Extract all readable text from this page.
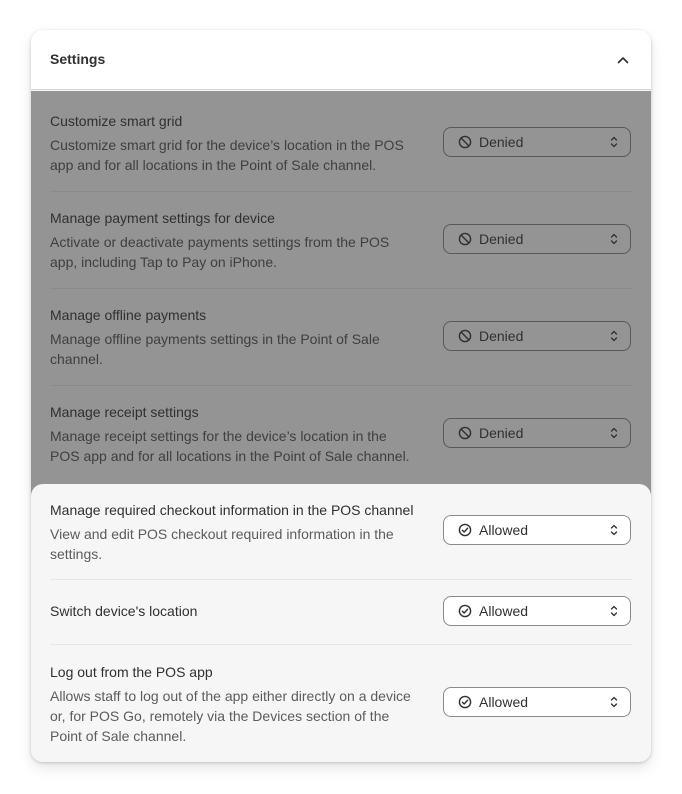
Settings
Customize smart grid
Customize smart grid for the device’s location in the POS app and for all locations in the Point of Sale channel.
Denied
Manage payment settings for device
Activate or deactivate payments settings from the POS app, including Tap to Pay on iPhone.
Denied
Manage offline payments
Manage offline payments settings in the Point of Sale channel.
Denied
Manage receipt settings
Manage receipt settings for the device’s location in the POS app and for all locations in the Point of Sale channel.
Denied
Manage required checkout information in the POS channel
View and edit POS checkout required information in the settings.
Allowed
Switch device's location	Allowed
Log out from the POS app
Allows staff to log out of the app either directly on a device or, for POS Go, remotely via the Devices section of the Point of Sale channel.
Allowed
